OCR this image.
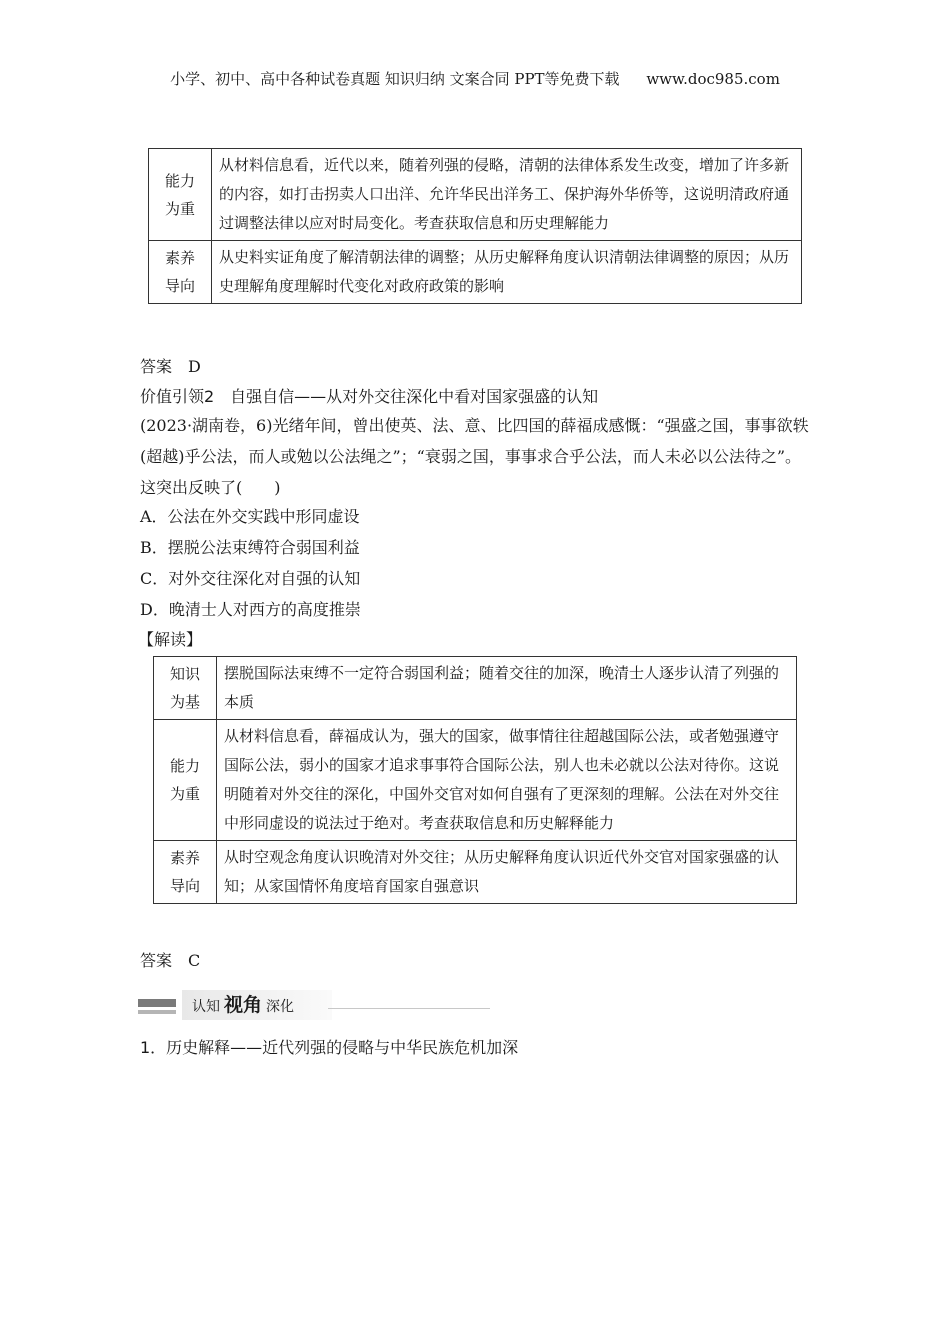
小学、初中、高中各种试卷真题 知识归纳 文案合同 PPT等免费下载 www.doc985.com
能力
为重	从材料信息看，近代以来，随着列强的侵略，清朝的法律体系发生改变，增加了许多新的内容，如打击拐卖人口出洋、允许华民出洋务工、保护海外华侨等，这说明清政府通过调整法律以应对时局变化。考查获取信息和历史理解能力

素养
导向	从史料实证角度了解清朝法律的调整；从历史解释角度认识清朝法律调整的原因；从历史理解角度理解时代变化对政府政策的影响
答案　D
价值引领2　自强自信——从对外交往深化中看对国家强盛的认知
(2023·湖南卷，6)光绪年间，曾出使英、法、意、比四国的薛福成感慨：“强盛之国，事事欲轶(超越)乎公法，而人或勉以公法绳之”；“衰弱之国，事事求合乎公法，而人未必以公法待之”。这突出反映了(　　)
A．公法在外交实践中形同虚设
B．摆脱公法束缚符合弱国利益
C．对外交往深化对自强的认知
D．晚清士人对西方的高度推崇
【解读】
知识
为基	摆脱国际法束缚不一定符合弱国利益；随着交往的加深，晚清士人逐步认清了列强的本质

能力
为重	从材料信息看，薛福成认为，强大的国家，做事情往往超越国际公法，或者勉强遵守国际公法，弱小的国家才追求事事符合国际公法，别人也未必就以公法对待你。这说明随着对外交往的深化，中国外交官对如何自强有了更深刻的理解。公法在对外交往中形同虚设的说法过于绝对。考查获取信息和历史解释能力

素养
导向	从时空观念角度认识晚清对外交往；从历史解释角度认识近代外交官对国家强盛的认知；从家国情怀角度培育国家自强意识
答案　C
认知 视角 深化
1．历史解释——近代列强的侵略与中华民族危机加深
